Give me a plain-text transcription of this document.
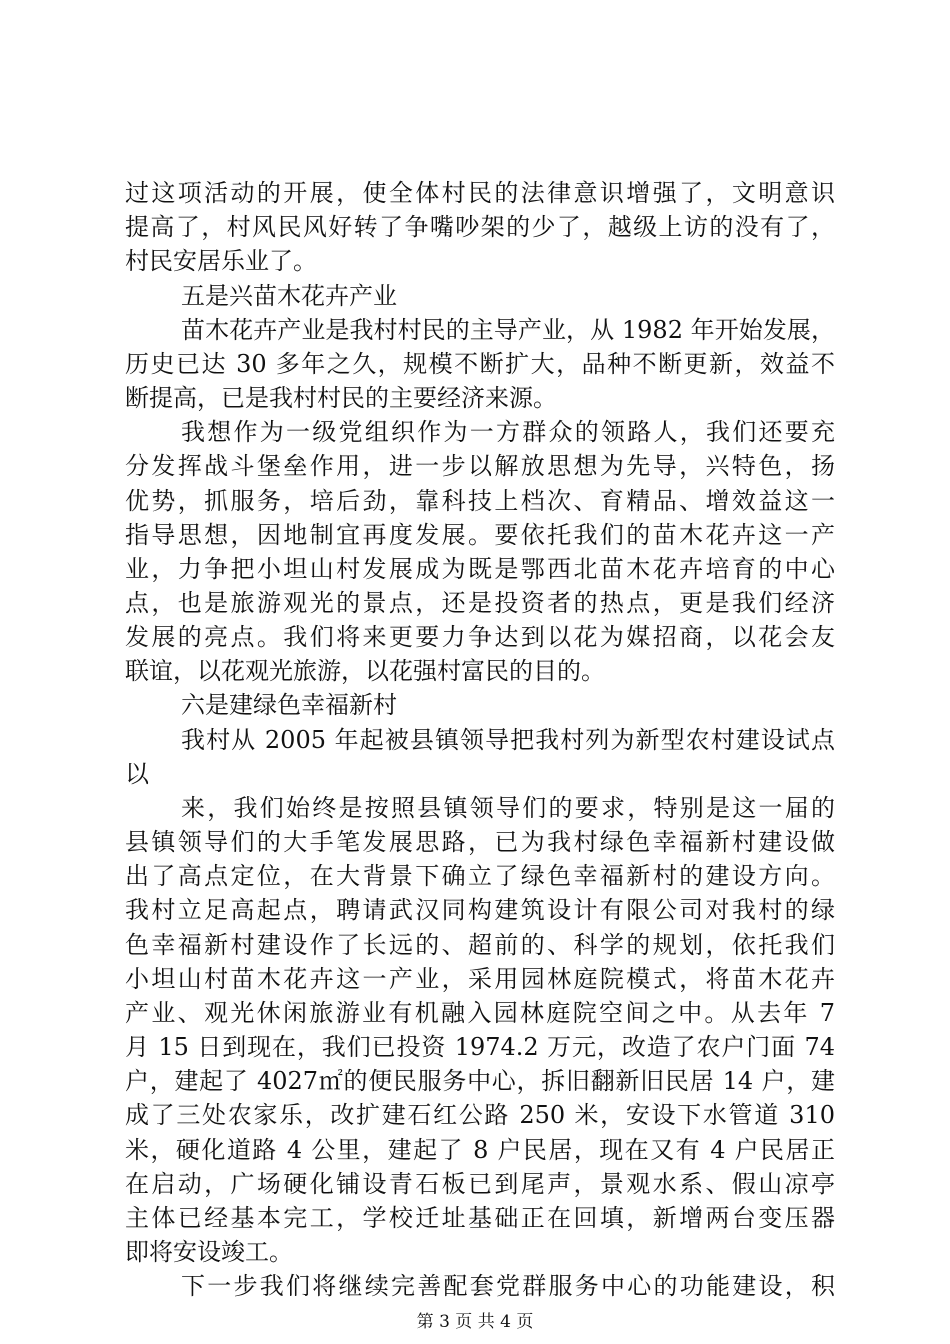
过这项活动的开展，使全体村民的法律意识增强了，文明意识
提高了，村风民风好转了争嘴吵架的少了，越级上访的没有了，
村民安居乐业了。
五是兴苗木花卉产业
苗木花卉产业是我村村民的主导产业，从 1982 年开始发展，
历史已达 30 多年之久，规模不断扩大，品种不断更新，效益不
断提高，已是我村村民的主要经济来源。
我想作为一级党组织作为一方群众的领路人，我们还要充
分发挥战斗堡垒作用，进一步以解放思想为先导，兴特色，扬
优势，抓服务，培后劲，靠科技上档次、育精品、增效益这一
指导思想，因地制宜再度发展。要依托我们的苗木花卉这一产
业，力争把小坦山村发展成为既是鄂西北苗木花卉培育的中心
点，也是旅游观光的景点，还是投资者的热点，更是我们经济
发展的亮点。我们将来更要力争达到以花为媒招商，以花会友
联谊，以花观光旅游，以花强村富民的目的。
六是建绿色幸福新村
我村从 2005 年起被县镇领导把我村列为新型农村建设试点
以
来，我们始终是按照县镇领导们的要求，特别是这一届的
县镇领导们的大手笔发展思路，已为我村绿色幸福新村建设做
出了高点定位，在大背景下确立了绿色幸福新村的建设方向。
我村立足高起点，聘请武汉同构建筑设计有限公司对我村的绿
色幸福新村建设作了长远的、超前的、科学的规划，依托我们
小坦山村苗木花卉这一产业，采用园林庭院模式，将苗木花卉
产业、观光休闲旅游业有机融入园林庭院空间之中。从去年 7
月 15 日到现在，我们已投资 1974.2 万元，改造了农户门面 74
户，建起了 4027㎡的便民服务中心，拆旧翻新旧民居 14 户，建
成了三处农家乐，改扩建石红公路 250 米，安设下水管道 310
米，硬化道路 4 公里，建起了 8 户民居，现在又有 4 户民居正
在启动，广场硬化铺设青石板已到尾声，景观水系、假山凉亭
主体已经基本完工，学校迁址基础正在回填，新增两台变压器
即将安设竣工。
下一步我们将继续完善配套党群服务中心的功能建设，积
第 3 页 共 4 页
